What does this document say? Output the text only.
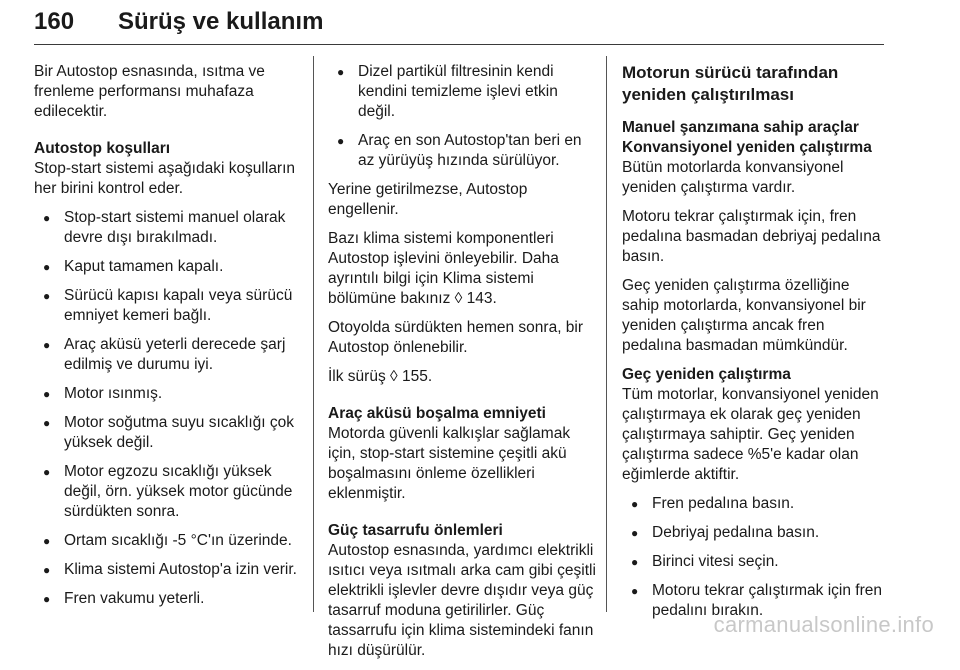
160 Sürüş ve kullanım

Bir Autostop esnasında, ısıtma ve frenleme performansı muhafaza edilecektir.

Autostop koşulları

Stop-start sistemi aşağıdaki koşulların her birini kontrol eder.

● Stop-start sistemi manuel olarak devre dışı bırakılmadı.
● Kaput tamamen kapalı.
● Sürücü kapısı kapalı veya sürücü emniyet kemeri bağlı.
● Araç aküsü yeterli derecede şarj edilmiş ve durumu iyi.
● Motor ısınmış.
● Motor soğutma suyu sıcaklığı çok yüksek değil.
● Motor egzozu sıcaklığı yüksek değil, örn. yüksek motor gücünde sürdükten sonra.
● Ortam sıcaklığı -5 °C'ın üzerinde.
● Klima sistemi Autostop'a izin verir.
● Fren vakumu yeterli.
● Dizel partikül filtresinin kendi kendini temizleme işlevi etkin değil.
● Araç en son Autostop'tan beri en az yürüyüş hızında sürülüyor.

Yerine getirilmezse, Autostop engellenir.

Bazı klima sistemi komponentleri Autostop işlevini önleyebilir. Daha ayrıntılı bilgi için Klima sistemi bölümüne bakınız ◊ 143.

Otoyolda sürdükten hemen sonra, bir Autostop önlenebilir.

İlk sürüş ◊ 155.

Araç aküsü boşalma emniyeti

Motorda güvenli kalkışlar sağlamak için, stop-start sistemine çeşitli akü boşalmasını önleme özellikleri eklenmiştir.

Güç tasarrufu önlemleri

Autostop esnasında, yardımcı elektrikli ısıtıcı veya ısıtmalı arka cam gibi çeşitli elektrikli işlevler devre dışıdır veya güç tasarruf moduna getirilirler. Güç tassarrufu için klima sistemindeki fanın hızı düşürülür.

Motorun sürücü tarafından yeniden çalıştırılması

Manuel şanzımana sahip araçlar

Konvansiyonel yeniden çalıştırma

Bütün motorlarda konvansiyonel yeniden çalıştırma vardır.

Motoru tekrar çalıştırmak için, fren pedalına basmadan debriyaj pedalına basın.

Geç yeniden çalıştırma özelliğine sahip motorlarda, konvansiyonel bir yeniden çalıştırma ancak fren pedalına basmadan mümkündür.

Geç yeniden çalıştırma

Tüm motorlar, konvansiyonel yeniden çalıştırmaya ek olarak geç yeniden çalıştırmaya sahiptir. Geç yeniden çalıştırma sadece %5'e kadar olan eğimlerde aktiftir.

● Fren pedalına basın.
● Debriyaj pedalına basın.
● Birinci vitesi seçin.
● Motoru tekrar çalıştırmak için fren pedalını bırakın.
carmanualsonline.info
